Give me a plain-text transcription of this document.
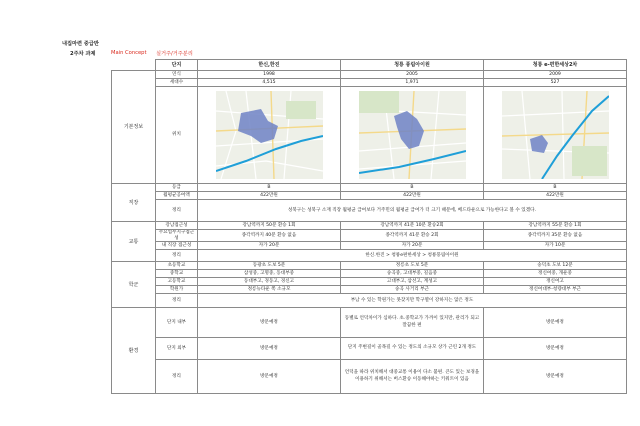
내집마련 중급반
2주차 과제	Main Concept 실거주/거주분리
	단지	한신,한진	청룡 풍림아이원	청룡 e-편한세상2차
기본정보	연식	1998	2005	2009
	세대수	4,515	1,971	527
	위치	

직장	등급	B	B	B
	월평균공여액	422만원	422만원	422만원
	정리	성북구는 성북구 소재 직장 월평균 급여보다 거주민의 월평균 급여가 더 크기 때문에, 베드타운으로 가능한다고 볼 수 있겠다.		
교통	강남접근성	강남역까지 50분 환승 1회	강남역까지 41분 10분 환승2회	강남역까지 55분 환승 1회
	주요업무지구접근성	종각역까지 40분 환승 없음	종각역까지 41분 환승 2회	종각역까지 35분 환승 없음
	내 직장 접근성	자가 20분	자가 20분	자가 10분
	정리	한신.한진 > 청룡e편한세상 > 청룡풍림아이원		
학군	초등학교	동광초 도보 5분	정릉초 도보 5분	숭덕초 도보 12분
	중학교	삼성중, 고명중, 동대부중	숭곡중, 고대부중, 길음중	정신여중, 개운중
	고등학교	동대부고, 경동고, 경신고	고대부고, 삼선고, 계성고	정신여고
	학원가	정릉뉴타운 쪽 소규모	숭곡 사거리 부근	정신여대부-청량대부 부근
	정리	부남 수 있는 학원가는 못찾지만 학구열이 강하지는 않은 정도		
환경	단지 내부	방문예정	동별로 언덕차이가 심하다. 초.중학교가 가까이 있지만, 관리가 되고 깔끔한 편	방문예정
	단지 외부	방문예정	단지 주변길이 골목길 수 있는 정도의 소규모 상가 근린 2개 정도	방문예정
	정리	방문예정	언덕을 따라 위치해서 대중교통 이용이 다소 불편. 큰도 있는 보경을 이용하기 위해서는 버스환승 이동해야하는 키워트이 있음	방문예정
